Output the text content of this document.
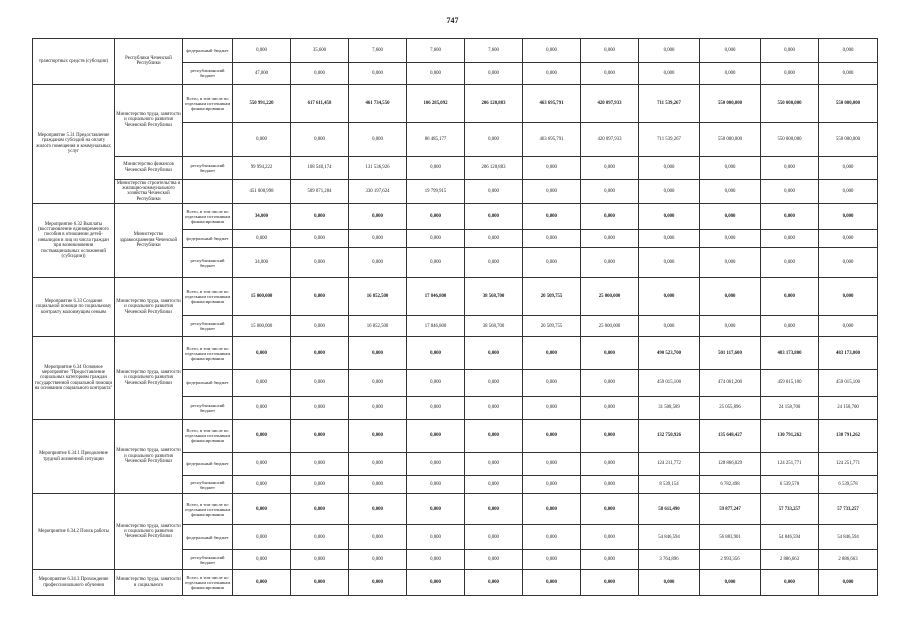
747
транспортных средств (субсидии)	Республики Чеченской Республики	федеральный бюджет	0,000	35,600	7,600	7,600	7,600	0,000	0,000	0,000	0,000	0,000	0,000
		республиканский бюджет	47,000	0,000	0,000	0,000	0,000	0,000	0,000	0,000	0,000	0,000	0,000
Мероприятие 5.31 Предоставление гражданам субсидий на оплату жилого помещения и коммунальных услуг	Министерство труда, занятости и социального развития Чеченской Республики	Всего, в том числе по отдельным источникам финансирования	550 991,220	617 611,458	461 734,550	106 285,092	206 120,883	463 695,791	420 097,933	711 539,267	550 000,000	550 000,000	550 000,000
			0,000	0,000	0,000	86 485,177	0,000	463 695,791	420 097,933	711 539,267	550 000,000	550 000,000	550 000,000
	Министерство финансов Чеченской Республики	республиканский бюджет	99 994,222	108 540,174	131 536,926	0,000	206 120,883	0,000	0,000	0,000	0,000	0,000	0,000
	Министерство строительства и жилищно-коммунального хозяйства Чеченской Республики		451 000,998	509 071,284	330 197,624	19 799,915	0,000	0,000	0,000	0,000	0,000	0,000	0,000
Мероприятие 6.32 Выплаты (восстановление единовременного пособия в отношении детей-инвалидов и лиц из числа граждан при возникновении поствакцинальных осложнений (субсидии))	Министерство здравоохранения Чеченской Республики	Всего, в том числе по отдельным источникам финансирования	34,000	0,000	0,000	0,000	0,000	0,000	0,000	0,000	0,000	0,000	0,000
		федеральный бюджет	0,000	0,000	0,000	0,000	0,000	0,000	0,000	0,000	0,000	0,000	0,000
		республиканский бюджет	34,000	0,000	0,000	0,000	0,000	0,000	0,000	0,000	0,000	0,000	0,000
Мероприятие 6.33 Создание социальной помощи по социальному контракту малоимущим семьям	Министерство труда, занятости и социального развития Чеченской Республики	Всего, в том числе по отдельным источникам финансирования	15 000,000	0,000	16 852,500	17 846,800	38 568,700	20 509,755	25 000,000	0,000	0,000	0,000	0,000
		республиканский бюджет	15 000,000	0,000	16 852,500	17 846,800	38 568,700	20 509,755	25 000,000	0,000	0,000	0,000	0,000
Мероприятие 6.34 Основное мероприятие "Предоставление социальных категориям граждан государственной социальной помощи на основании социального контракта"	Министерство труда, занятости и социального развития Чеченской Республики	Всего, в том числе по отдельным источникам финансирования	0,000	0,000	0,000	0,000	0,000	0,000	0,000	490 523,700	501 117,600	483 173,800	483 173,800
		федеральный бюджет	0,000	0,000	0,000	0,000	0,000	0,000	0,000	459 015,100	474 061,200	459 015,100	459 015,100
		республиканский бюджет	0,000	0,000	0,000	0,000	0,000	0,000	0,000	31 508,589	25 055,896	24 158,700	24 158,700
Мероприятие 6.34.1 Преодоление трудной жизненной ситуации	Министерство труда, занятости и социального развития Чеченской Республики	Всего, в том числе по отдельным источникам финансирования	0,000	0,000	0,000	0,000	0,000	0,000	0,000	132 750,926	135 648,427	130 791,262	130 791,262
		федеральный бюджет	0,000	0,000	0,000	0,000	0,000	0,000	0,000	124 211,772	128 866,029	124 251,771	124 251,771
		республиканский бюджет	0,000	0,000	0,000	0,000	0,000	0,000	0,000	8 539,154	6 782,498	6 539,578	6 539,578
Мероприятие 6.34.2 Поиск работы	Министерство труда, занятости и социального развития Чеченской Республики	Всего, в том числе по отдельным источникам финансирования	0,000	0,000	0,000	0,000	0,000	0,000	0,000	58 611,490	59 877,247	57 733,257	57 733,257
		федеральный бюджет	0,000	0,000	0,000	0,000	0,000	0,000	0,000	54 846,594	56 883,901	54 846,594	54 846,594
		республиканский бюджет	0,000	0,000	0,000	0,000	0,000	0,000	0,000	3 764,896	2 993,356	2 886,663	2 886,663
Мероприятие 6.34.3 Прохождение профессионального обучения	Министерство труда, занятости и социального	Всего, в том числе по отдельным источникам финансирования	0,000	0,000	0,000	0,000	0,000	0,000	0,000	0,000	0,000	0,000	0,000
